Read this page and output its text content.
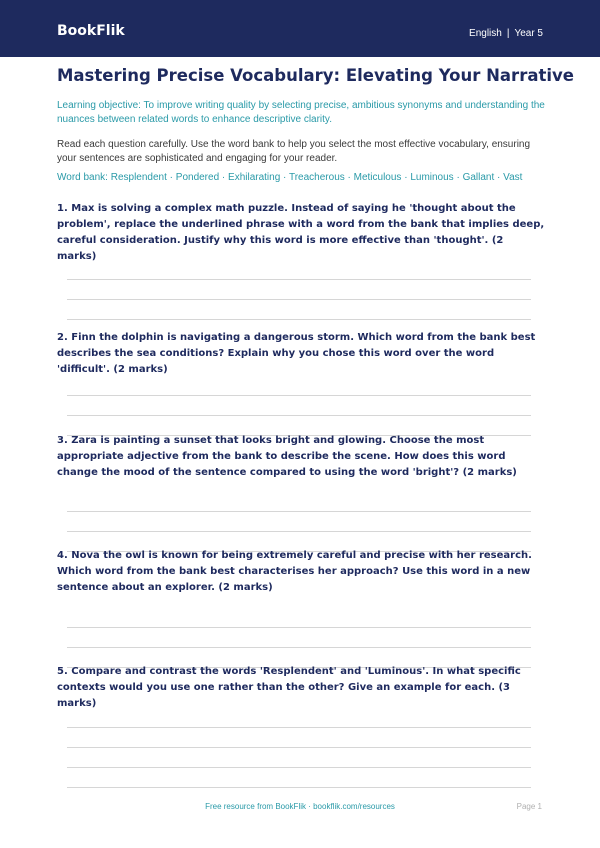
BookFlik	English | Year 5
Mastering Precise Vocabulary: Elevating Your Narrative
Learning objective: To improve writing quality by selecting precise, ambitious synonyms and understanding the nuances between related words to enhance descriptive clarity.
Read each question carefully. Use the word bank to help you select the most effective vocabulary, ensuring your sentences are sophisticated and engaging for your reader.
Word bank: Resplendent · Pondered · Exhilarating · Treacherous · Meticulous · Luminous · Gallant · Vast
1. Max is solving a complex math puzzle. Instead of saying he 'thought about the problem', replace the underlined phrase with a word from the bank that implies deep, careful consideration. Justify why this word is more effective than 'thought'. (2 marks)
2. Finn the dolphin is navigating a dangerous storm. Which word from the bank best describes the sea conditions? Explain why you chose this word over the word 'difficult'. (2 marks)
3. Zara is painting a sunset that looks bright and glowing. Choose the most appropriate adjective from the bank to describe the scene. How does this word change the mood of the sentence compared to using the word 'bright'? (2 marks)
4. Nova the owl is known for being extremely careful and precise with her research. Which word from the bank best characterises her approach? Use this word in a new sentence about an explorer. (2 marks)
5. Compare and contrast the words 'Resplendent' and 'Luminous'. In what specific contexts would you use one rather than the other? Give an example for each. (3 marks)
Free resource from BookFlik · bookflik.com/resources	Page 1
